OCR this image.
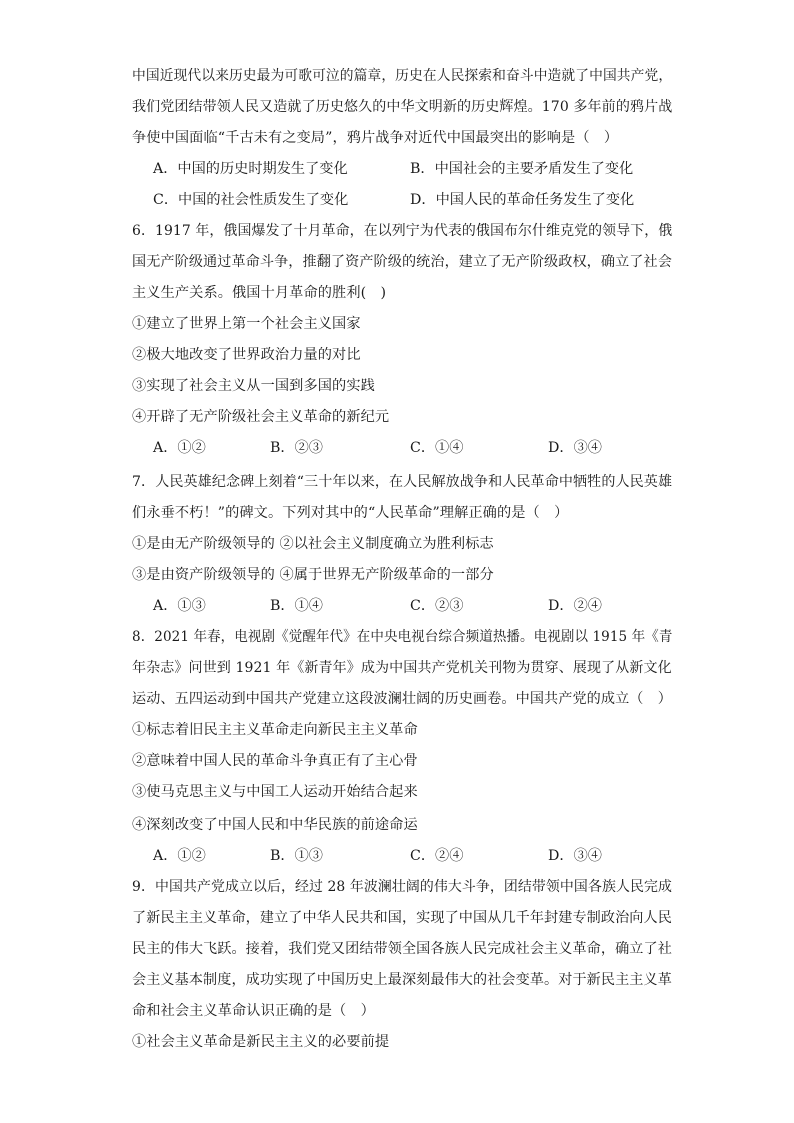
中国近现代以来历史最为可歌可泣的篇章，历史在人民探索和奋斗中造就了中国共产党，
我们党团结带领人民又造就了历史悠久的中华文明新的历史辉煌。170 多年前的鸦片战
争使中国面临“千古未有之变局”，鸦片战争对近代中国最突出的影响是（　）
A．中国的历史时期发生了变化	B．中国社会的主要矛盾发生了变化
C．中国的社会性质发生了变化	D．中国人民的革命任务发生了变化
6．1917 年，俄国爆发了十月革命，在以列宁为代表的俄国布尔什维克党的领导下，俄
国无产阶级通过革命斗争，推翻了资产阶级的统治，建立了无产阶级政权，确立了社会
主义生产关系。俄国十月革命的胜利(　)
①建立了世界上第一个社会主义国家
②极大地改变了世界政治力量的对比
③实现了社会主义从一国到多国的实践
④开辟了无产阶级社会主义革命的新纪元
A．①②	B．②③	C．①④	D．③④
7．人民英雄纪念碑上刻着“三十年以来，在人民解放战争和人民革命中牺牲的人民英雄
们永垂不朽！”的碑文。下列对其中的“人民革命”理解正确的是（　）
①是由无产阶级领导的 ②以社会主义制度确立为胜利标志
③是由资产阶级领导的 ④属于世界无产阶级革命的一部分
A．①③	B．①④	C．②③	D．②④
8．2021 年春，电视剧《觉醒年代》在中央电视台综合频道热播。电视剧以 1915 年《青
年杂志》问世到 1921 年《新青年》成为中国共产党机关刊物为贯穿、展现了从新文化
运动、五四运动到中国共产党建立这段波澜壮阔的历史画卷。中国共产党的成立（　）
①标志着旧民主主义革命走向新民主主义革命
②意味着中国人民的革命斗争真正有了主心骨
③使马克思主义与中国工人运动开始结合起来
④深刻改变了中国人民和中华民族的前途命运
A．①②	B．①③	C．②④	D．③④
9．中国共产党成立以后，经过 28 年波澜壮阔的伟大斗争，团结带领中国各族人民完成
了新民主主义革命，建立了中华人民共和国，实现了中国从几千年封建专制政治向人民
民主的伟大飞跃。接着，我们党又团结带领全国各族人民完成社会主义革命，确立了社
会主义基本制度，成功实现了中国历史上最深刻最伟大的社会变革。对于新民主主义革
命和社会主义革命认识正确的是（　）
①社会主义革命是新民主主义的必要前提
